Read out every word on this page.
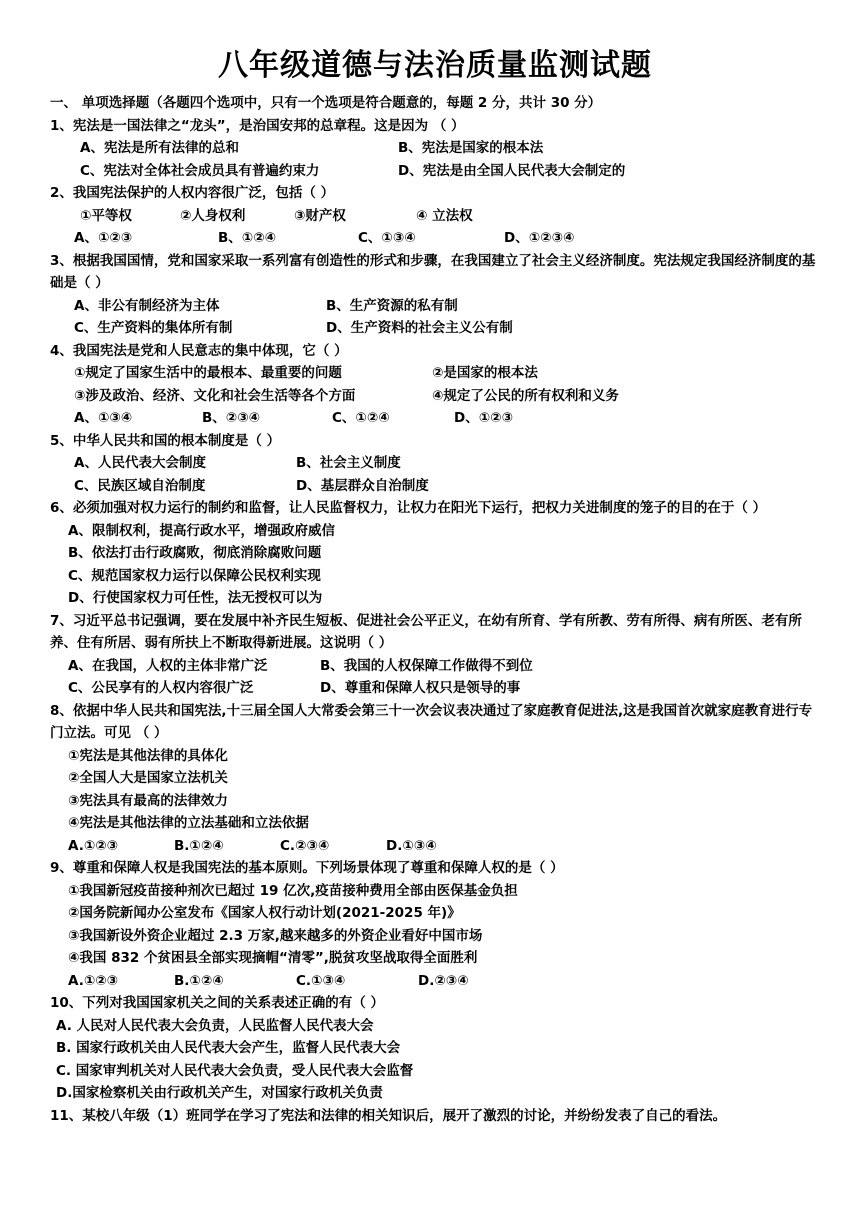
八年级道德与法治质量监测试题
一、 单项选择题（各题四个选项中，只有一个选项是符合题意的，每题 2 分，共计 30 分）
1、宪法是一国法律之“龙头”，是治国安邦的总章程。这是因为 （ ）
A、宪法是所有法律的总和	B、宪法是国家的根本法
C、宪法对全体社会成员具有普遍约束力	D、宪法是由全国人民代表大会制定的
2、我国宪法保护的人权内容很广泛，包括（ ）
①平等权	②人身权利	③财产权	④ 立法权
A、①②③	B、①②④	C、①③④	D、①②③④
3、根据我国国情，党和国家采取一系列富有创造性的形式和步骤，在我国建立了社会主义经济制度。宪法规定我国经济制度的基础是（ ）
A、非公有制经济为主体	B、生产资源的私有制
C、生产资料的集体所有制	D、生产资料的社会主义公有制
4、我国宪法是党和人民意志的集中体现，它（ ）
①规定了国家生活中的最根本、最重要的问题	②是国家的根本法
③涉及政治、经济、文化和社会生活等各个方面	④规定了公民的所有权利和义务
A、①③④	B、②③④	C、①②④	D、①②③
5、中华人民共和国的根本制度是（ ）
A、人民代表大会制度	B、社会主义制度
C、民族区域自治制度	D、基层群众自治制度
6、必须加强对权力运行的制约和监督，让人民监督权力，让权力在阳光下运行，把权力关进制度的笼子的目的在于（ ）
A、限制权利，提高行政水平，增强政府威信
B、依法打击行政腐败，彻底消除腐败问题
C、规范国家权力运行以保障公民权利实现
D、行使国家权力可任性，法无授权可以为
7、习近平总书记强调，要在发展中补齐民生短板、促进社会公平正义，在幼有所育、学有所教、劳有所得、病有所医、老有所养、住有所居、弱有所扶上不断取得新进展。这说明（ ）
A、在我国，人权的主体非常广泛	B、我国的人权保障工作做得不到位
C、公民享有的人权内容很广泛	D、尊重和保障人权只是领导的事
8、依据中华人民共和国宪法,十三届全国人大常委会第三十一次会议表决通过了家庭教育促进法,这是我国首次就家庭教育进行专门立法。可见 （ ）
①宪法是其他法律的具体化
②全国人大是国家立法机关
③宪法具有最高的法律效力
④宪法是其他法律的立法基础和立法依据
A.①②③	B.①②④	C.②③④	D.①③④
9、尊重和保障人权是我国宪法的基本原则。下列场景体现了尊重和保障人权的是（ ）
①我国新冠疫苗接种剂次已超过 19 亿次,疫苗接种费用全部由医保基金负担
②国务院新闻办公室发布《国家人权行动计划(2021-2025 年)》
③我国新设外资企业超过 2.3 万家,越来越多的外资企业看好中国市场
④我国 832 个贫困县全部实现摘帽“清零”,脱贫攻坚战取得全面胜利
A.①②③	B.①②④	C.①③④	D.②③④
10、下列对我国国家机关之间的关系表述正确的有（ ）
A. 人民对人民代表大会负责，人民监督人民代表大会
B. 国家行政机关由人民代表大会产生，监督人民代表大会
C. 国家审判机关对人民代表大会负责，受人民代表大会监督
D.国家检察机关由行政机关产生，对国家行政机关负责
11、某校八年级（1）班同学在学习了宪法和法律的相关知识后，展开了激烈的讨论，并纷纷发表了自己的看法。
